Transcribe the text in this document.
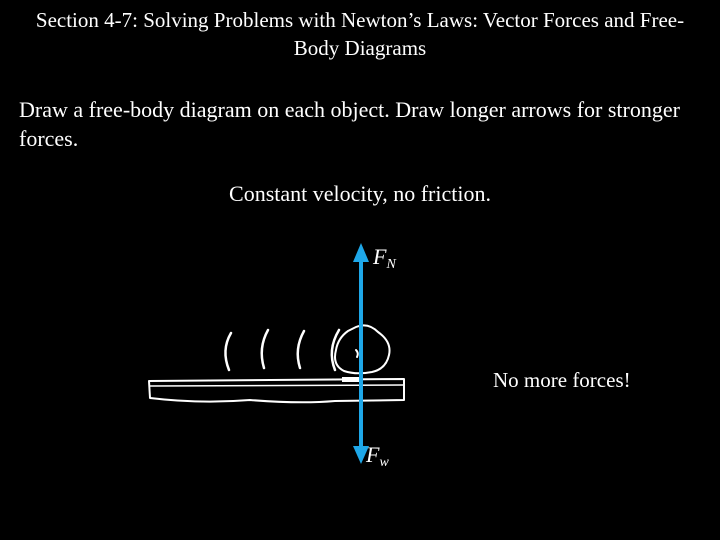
Section 4-7: Solving Problems with Newton’s Laws: Vector Forces and Free-Body Diagrams
Draw a free-body diagram on each object. Draw longer arrows for stronger forces.
Constant velocity, no friction.
$F_N$
$F_w$
No more forces!
